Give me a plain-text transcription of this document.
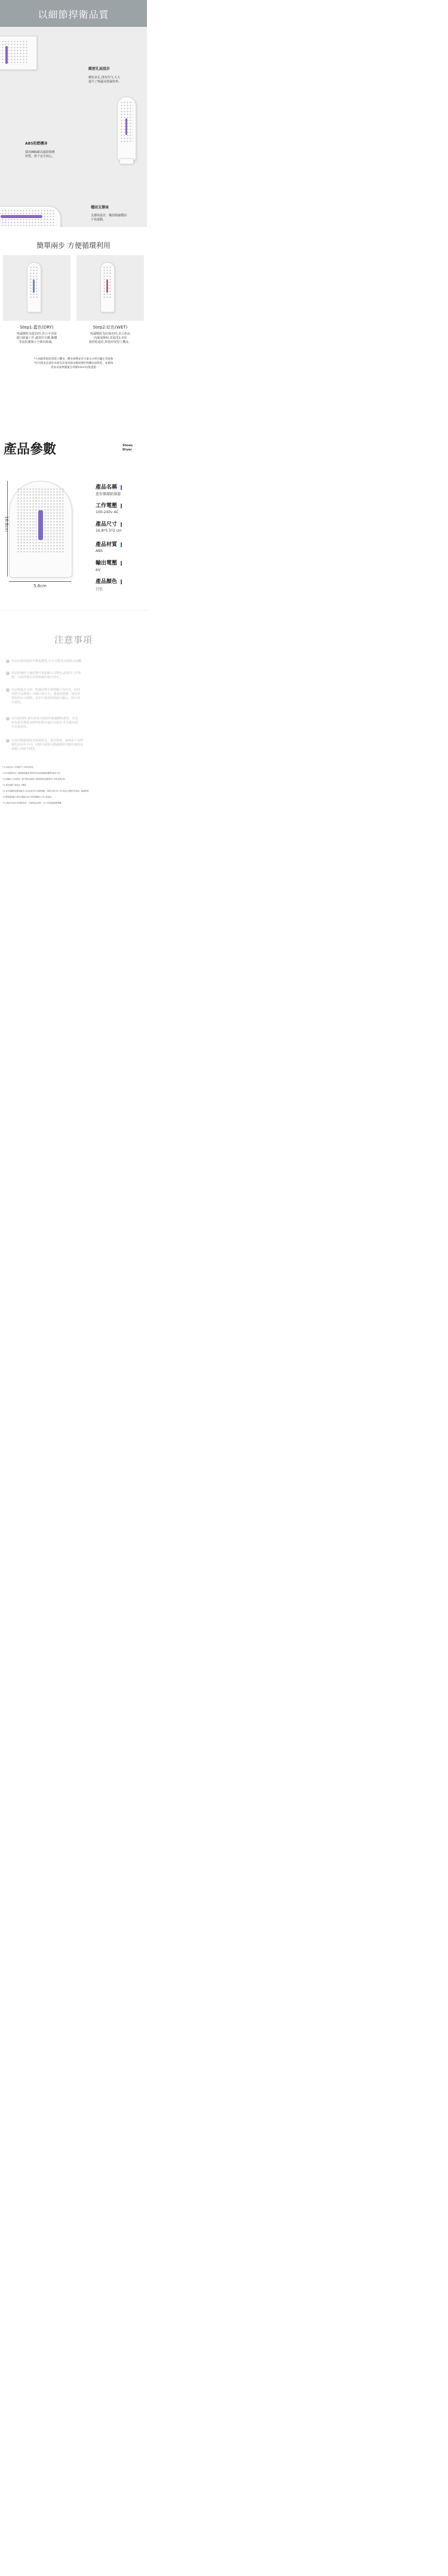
以細節捍衛品質
緻密孔面設計
緻密多孔,排布均勻,大大
提升了吸濕及排濕效率。
ABS阻燃機身
採用ABS耐高溫防阻燃
材質，烘干安全放心。
穩固支撐座
支撐座設計，橫放除濕穩固
不易滾動。
簡單兩步 方便循環利用
Step1:藍色(DRY)
吸濕顆粒為藍色時,表示可直接
進行除濕工作,適置於衣櫃,櫥櫃
等需防潮微小空間內除濕。
Step2:紅色(WET)
吸濕顆粒為紅綠色時,表示產品
內濕氣飽和,需通電1-3加
熱烘乾還原,烘乾時需豎立機身。
*力加熱烘乾時需豎立機身，機身發燙並有少量水分析出屬正常現象
*切勿將產品置於木板等其他受熱受潮易變形物體表面烘乾，並確保
產品表面無覆蓋且周圍10cm內無遮擋
產品參數	Shoes
Dryer
16.8cm
5.8cm
產品名稱
迷你循環除濕器
工作電壓
100-240v AC
產品尺寸
16.8*5.5*2 cm
產品材質
ABS
輸出電壓
6V
產品顏色
白色
注意事項
1 本品在使用過程中無需插電,且不可將其直接與水接觸。
2 本品乾燥時干濕狀態可視窗顯示為橙色,此時為工作狀
態，只需放置在需要除濕的地方即可。
3 本品吸滿水分時，乾濕狀態可視窗顯示為紅色，此時
需將本品插電1~3個小時左右，透過加熱將二氧化矽
吸收的水分排除，直至可視窗恢復藍色顯示，即可再
次使用。
4 首次使用時,請先查看可視窗的吸濕顆粒顏色，若為
紅色請先插電加熱烘乾將其還原為藍色,若為藍色即
可直接使用。
5 本品的吸濕速度及吸濕時長，會因環境、濕度與天氣的
變化而有所不同，同時可視窗內吸濕顆粒的變色速度也
會隨之而產生變化。
*注:本產品為人手測量尺寸,會存有誤差。
*注:所有數據來自工廠實驗室數據,實際使用可能會根據具體情況略有不同。
*注:認識能力是有限度。讀不要刻意破壞! 請按照說明,謹慎使用! 否則,後果自負。
*注:遠先提讀了解產品,才購買。
*注:如日後購得需要保養(非人為)此產及符合保修範圍，退換及退貨,本公司只接受合理要求及理由。謝謝無理!
*注:購買讀保養卡務於及範圍,如有不明可聯繫本公司人員查詢。
*以上圖片和功能介紹僅供參考，以實際產品為準。 本公司保留最終解釋權。
